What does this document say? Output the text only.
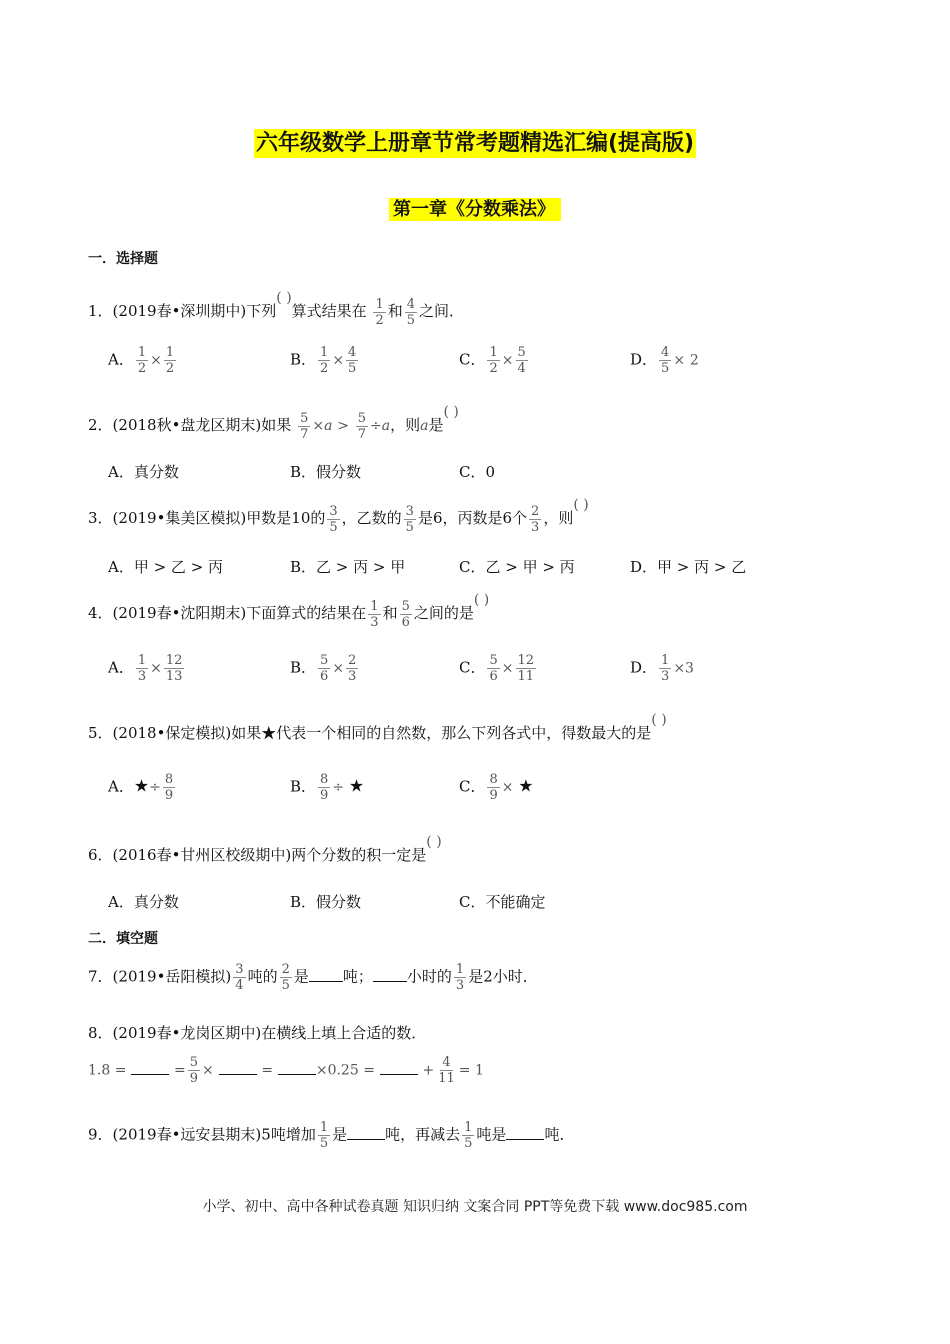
六年级数学上册章节常考题精选汇编(提高版)
第一章《分数乘法》
一．选择题
1．(2019春•深圳期中)下列( )算式结果在 $\frac{1}{2}$ 和 $\frac{4}{5}$ 之间．
A． $\frac{1}{2} \times \frac{1}{2}$	B． $\frac{1}{2} \times \frac{4}{5}$	C． $\frac{1}{2} \times \frac{5}{4}$	D． $\frac{4}{5} \times 2$
2．(2018秋•盘龙区期末)如果 $\frac{5}{7} \times a > \frac{5}{7} \div a$，则a是( )
A．真分数	B．假分数	C．0
3．(2019•集美区模拟)甲数是10的 $\frac{3}{5}$ ，乙数的 $\frac{3}{5}$ 是6，丙数是6个 $\frac{2}{3}$ ，则( )
A．甲 > 乙 > 丙	B．乙 > 丙 > 甲	C．乙 > 甲 > 丙	D．甲 > 丙 > 乙
4．(2019春•沈阳期末)下面算式的结果在 $\frac{1}{3}$ 和 $\frac{5}{6}$ 之间的是( )
A． $\frac{1}{3} \times \frac{12}{13}$	B． $\frac{5}{6} \times \frac{2}{3}$	C． $\frac{5}{6} \times \frac{12}{11}$	D． $\frac{1}{3} \times 3$
5．(2018•保定模拟)如果★代表一个相同的自然数，那么下列各式中，得数最大的是( )
A．★÷ $\frac{8}{9}$	B． $\frac{8}{9}$ ÷ ★	C． $\frac{8}{9}$ × ★
6．(2016春•甘州区校级期中)两个分数的积一定是( )
A．真分数	B．假分数	C．不能确定
二．填空题
7．(2019•岳阳模拟) $\frac{3}{4}$ 吨的 $\frac{2}{5}$ 是 吨； 小时的 $\frac{1}{3}$ 是2小时．
8．(2019春•龙岗区期中)在横线上填上合适的数．
1.8 =	= $\frac{5}{9}$ ×	=	×0.25 =	+ $\frac{4}{11} = 1$
9．(2019春•远安县期末)5吨增加 $\frac{1}{5}$ 是	吨，再减去 $\frac{1}{5}$ 吨是	吨．
小学、初中、高中各种试卷真题 知识归纳 文案合同 PPT等免费下载 www.doc985.com
